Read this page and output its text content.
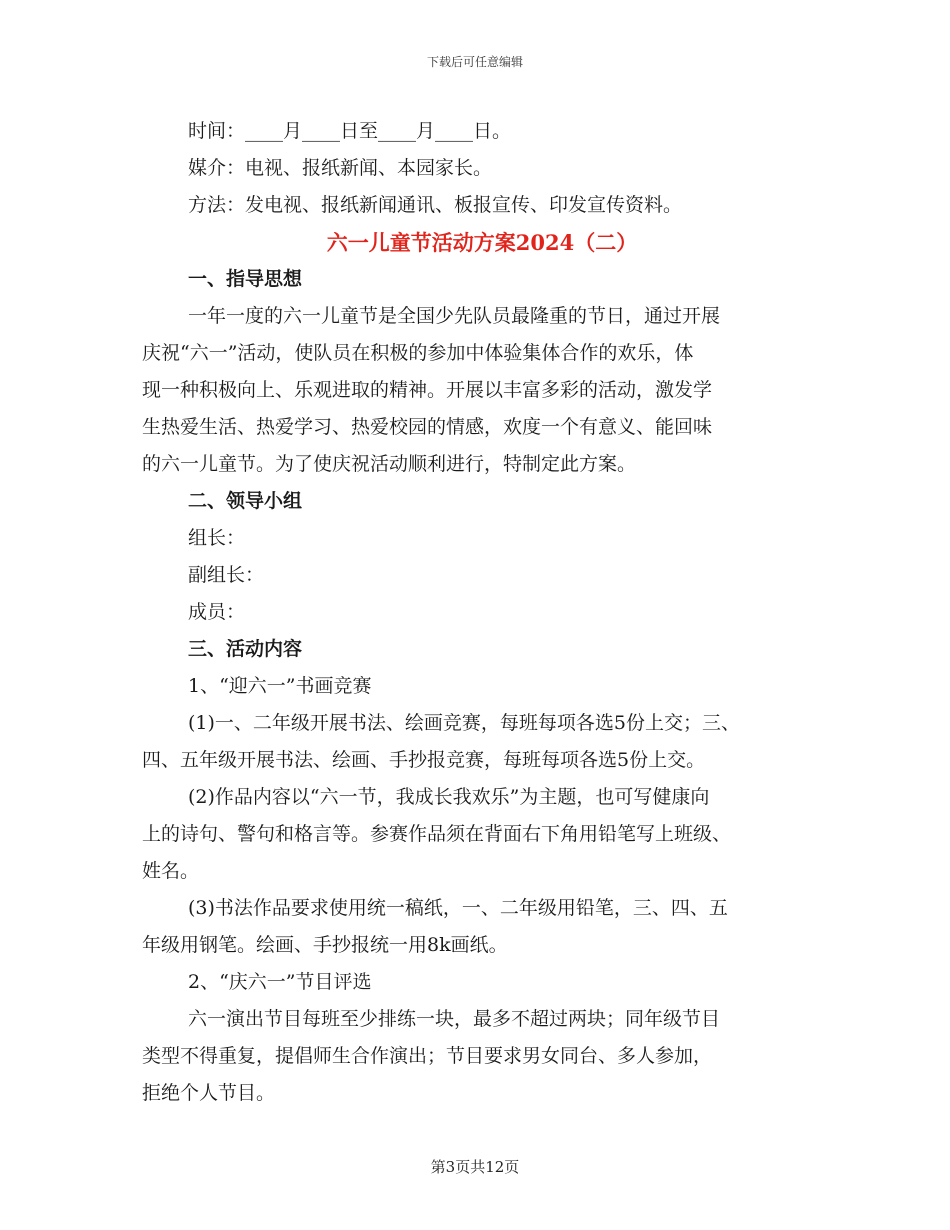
下载后可任意编辑
时间：____月____日至____月____日。
媒介：电视、报纸新闻、本园家长。
方法：发电视、报纸新闻通讯、板报宣传、印发宣传资料。
六一儿童节活动方案2024（二）
一、指导思想
一年一度的六一儿童节是全国少先队员最隆重的节日，通过开展
庆祝“六一”活动，使队员在积极的参加中体验集体合作的欢乐，体
现一种积极向上、乐观进取的精神。开展以丰富多彩的活动，激发学
生热爱生活、热爱学习、热爱校园的情感，欢度一个有意义、能回味
的六一儿童节。为了使庆祝活动顺利进行，特制定此方案。
二、领导小组
组长：
副组长：
成员：
三、活动内容
1、“迎六一”书画竞赛
(1)一、二年级开展书法、绘画竞赛，每班每项各选5份上交；三、
四、五年级开展书法、绘画、手抄报竞赛，每班每项各选5份上交。
(2)作品内容以“六一节，我成长我欢乐”为主题，也可写健康向
上的诗句、警句和格言等。参赛作品须在背面右下角用铅笔写上班级、
姓名。
(3)书法作品要求使用统一稿纸，一、二年级用铅笔，三、四、五
年级用钢笔。绘画、手抄报统一用8k画纸。
2、“庆六一”节目评选
六一演出节目每班至少排练一块，最多不超过两块；同年级节目
类型不得重复，提倡师生合作演出；节目要求男女同台、多人参加，
拒绝个人节目。
第3页共12页
